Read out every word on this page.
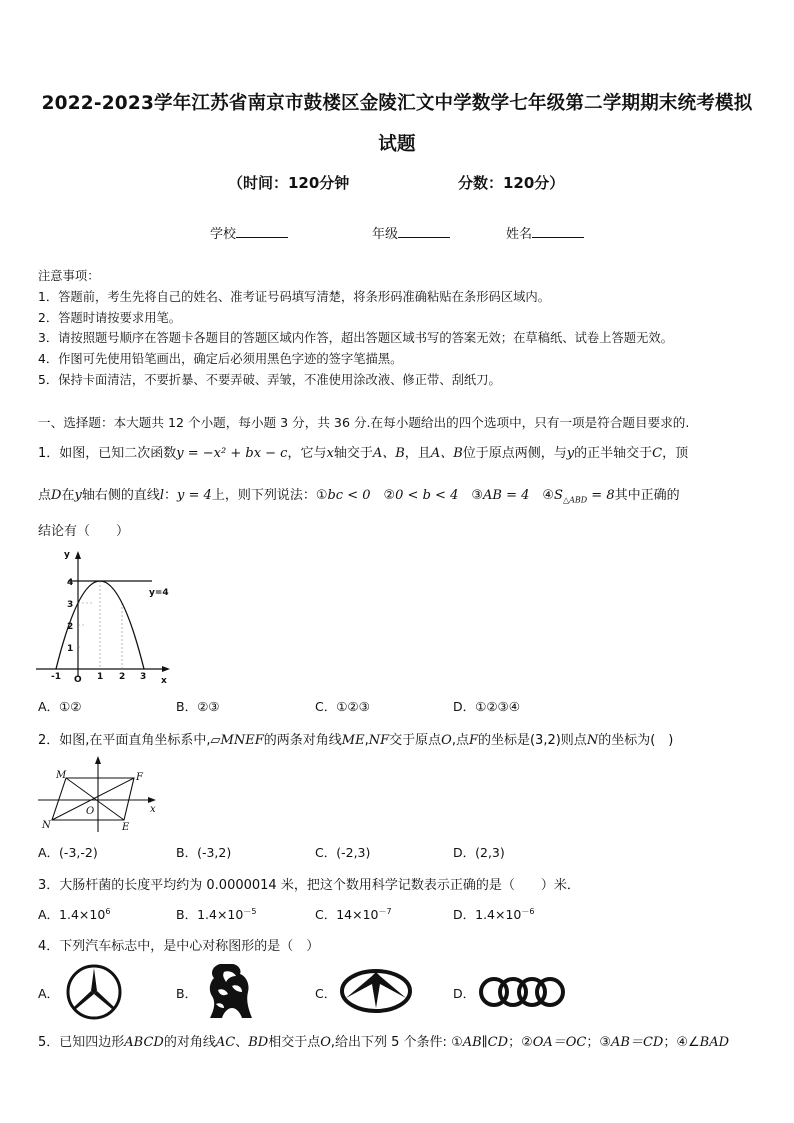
2022-2023学年江苏省南京市鼓楼区金陵汇文中学数学七年级第二学期期末统考模拟
试题
（时间：120分钟	分数：120分）
学校	年级	姓名
注意事项：
1．答题前，考生先将自己的姓名、准考证号码填写清楚，将条形码准确粘贴在条形码区域内。
2．答题时请按要求用笔。
3．请按照题号顺序在答题卡各题目的答题区域内作答，超出答题区域书写的答案无效；在草稿纸、试卷上答题无效。
4．作图可先使用铅笔画出，确定后必须用黑色字迹的签字笔描黑。
5．保持卡面清洁，不要折暴、不要弄破、弄皱，不准使用涂改液、修正带、刮纸刀。
一、选择题：本大题共 12 个小题，每小题 3 分，共 36 分.在每小题给出的四个选项中，只有一项是符合题目要求的.
1．如图，已知二次函数y = −x² + bx − c，它与x轴交于A、B，且A、B位于原点两侧，与y的正半轴交于C，顶
点D在y轴右侧的直线l：y = 4上，则下列说法：①bc < 0　②0 < b < 4　③AB = 4　$④S_{\triangle ABD} = 8$其中正确的
结论有（　　）
y
x
y=4
4
3
2
1
-1 O 1 2 3
A．①②	B．②③	C．①②③	D．①②③④
2．如图,在平面直角坐标系中,▱MNEF的两条对角线ME,NF交于原点O,点F的坐标是(3,2)则点N的坐标为(　)
M	F
N	E
O	x
A．(-3,-2)	B．(-3,2)	C．(-2,3)	D．(2,3)
3．大肠杆菌的长度平均约为 0.0000014 米，把这个数用科学记数表示正确的是（　　）米．
A．$1.4\times 10^6$	B．$1.4\times 10^{-5}$	C．$14\times 10^{-7}$	D．$1.4\times 10^{-6}$
4．下列汽车标志中，是中心对称图形的是（　）
A．	B．	C．	D．
5．已知四边形ABCD的对角线AC、BD相交于点O,给出下列 5 个条件: ①AB∥CD；②OA＝OC；③AB＝CD；④∠BAD
